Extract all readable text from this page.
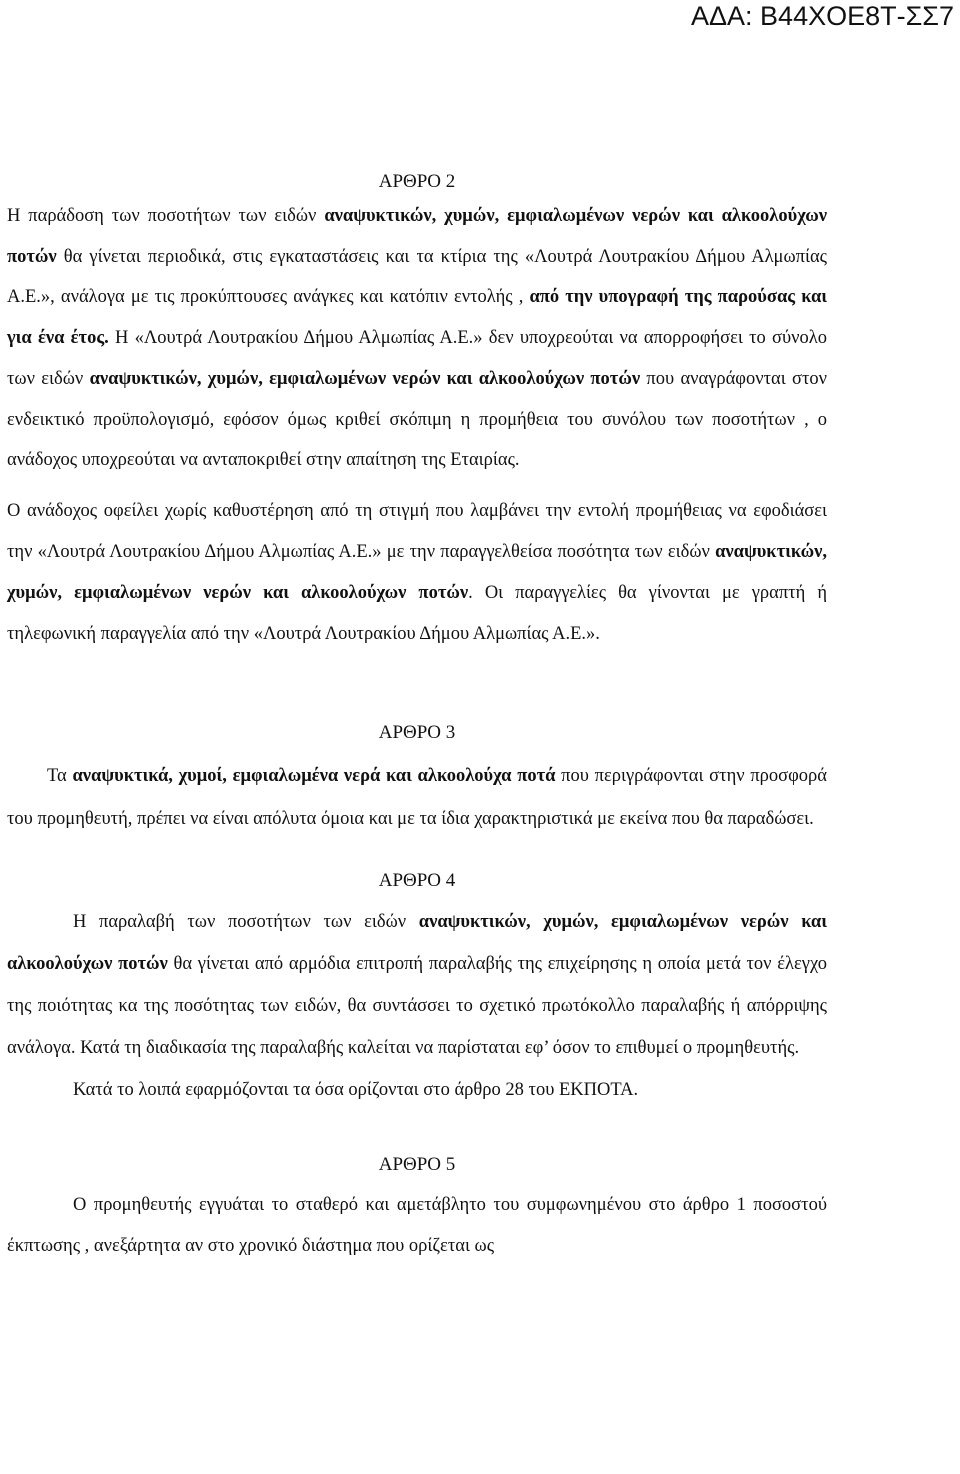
ΑΔΑ: Β44ΧΟΕ8Τ-ΣΣ7

ΑΡΘΡΟ 2

Η παράδοση των ποσοτήτων των ειδών αναψυκτικών, χυμών, εμφιαλωμένων νερών και αλκοολούχων ποτών θα γίνεται περιοδικά, στις εγκαταστάσεις και τα κτίρια της «Λουτρά Λουτρακίου Δήμου Αλμωπίας Α.Ε.», ανάλογα με τις προκύπτουσες ανάγκες και κατόπιν εντολής , από την υπογραφή της παρούσας και για ένα έτος. Η «Λουτρά Λουτρακίου Δήμου Αλμωπίας Α.Ε.» δεν υποχρεούται να απορροφήσει το σύνολο των ειδών αναψυκτικών, χυμών, εμφιαλωμένων νερών και αλκοολούχων ποτών που αναγράφονται στον ενδεικτικό προϋπολογισμό, εφόσον όμως κριθεί σκόπιμη η προμήθεια του συνόλου των ποσοτήτων , ο ανάδοχος υποχρεούται να ανταποκριθεί στην απαίτηση της Εταιρίας.

Ο ανάδοχος οφείλει χωρίς καθυστέρηση από τη στιγμή που λαμβάνει την εντολή προμήθειας να εφοδιάσει την «Λουτρά Λουτρακίου Δήμου Αλμωπίας Α.Ε.» με την παραγγελθείσα ποσότητα των ειδών αναψυκτικών, χυμών, εμφιαλωμένων νερών και αλκοολούχων ποτών. Οι παραγγελίες θα γίνονται με γραπτή ή τηλεφωνική παραγγελία από την «Λουτρά Λουτρακίου Δήμου Αλμωπίας Α.Ε.».

ΑΡΘΡΟ 3

Τα αναψυκτικά, χυμοί, εμφιαλωμένα νερά και αλκοολούχα ποτά που περιγράφονται στην προσφορά του προμηθευτή, πρέπει να είναι απόλυτα όμοια και με τα ίδια χαρακτηριστικά με εκείνα που θα παραδώσει.

ΑΡΘΡΟ 4

Η παραλαβή των ποσοτήτων των ειδών αναψυκτικών, χυμών, εμφιαλωμένων νερών και αλκοολούχων ποτών θα γίνεται από αρμόδια επιτροπή παραλαβής της επιχείρησης η οποία μετά τον έλεγχο της ποιότητας κα της ποσότητας των ειδών, θα συντάσσει το σχετικό πρωτόκολλο παραλαβής ή απόρριψης ανάλογα. Κατά τη διαδικασία της παραλαβής καλείται να παρίσταται εφ’ όσον το επιθυμεί ο προμηθευτής.

Κατά το λοιπά εφαρμόζονται τα όσα ορίζονται στο άρθρο 28 του ΕΚΠΟΤΑ.

ΑΡΘΡΟ 5

Ο προμηθευτής εγγυάται το σταθερό και αμετάβλητο του συμφωνημένου στο άρθρο 1 ποσοστού έκπτωσης , ανεξάρτητα αν στο χρονικό διάστημα που ορίζεται ως
